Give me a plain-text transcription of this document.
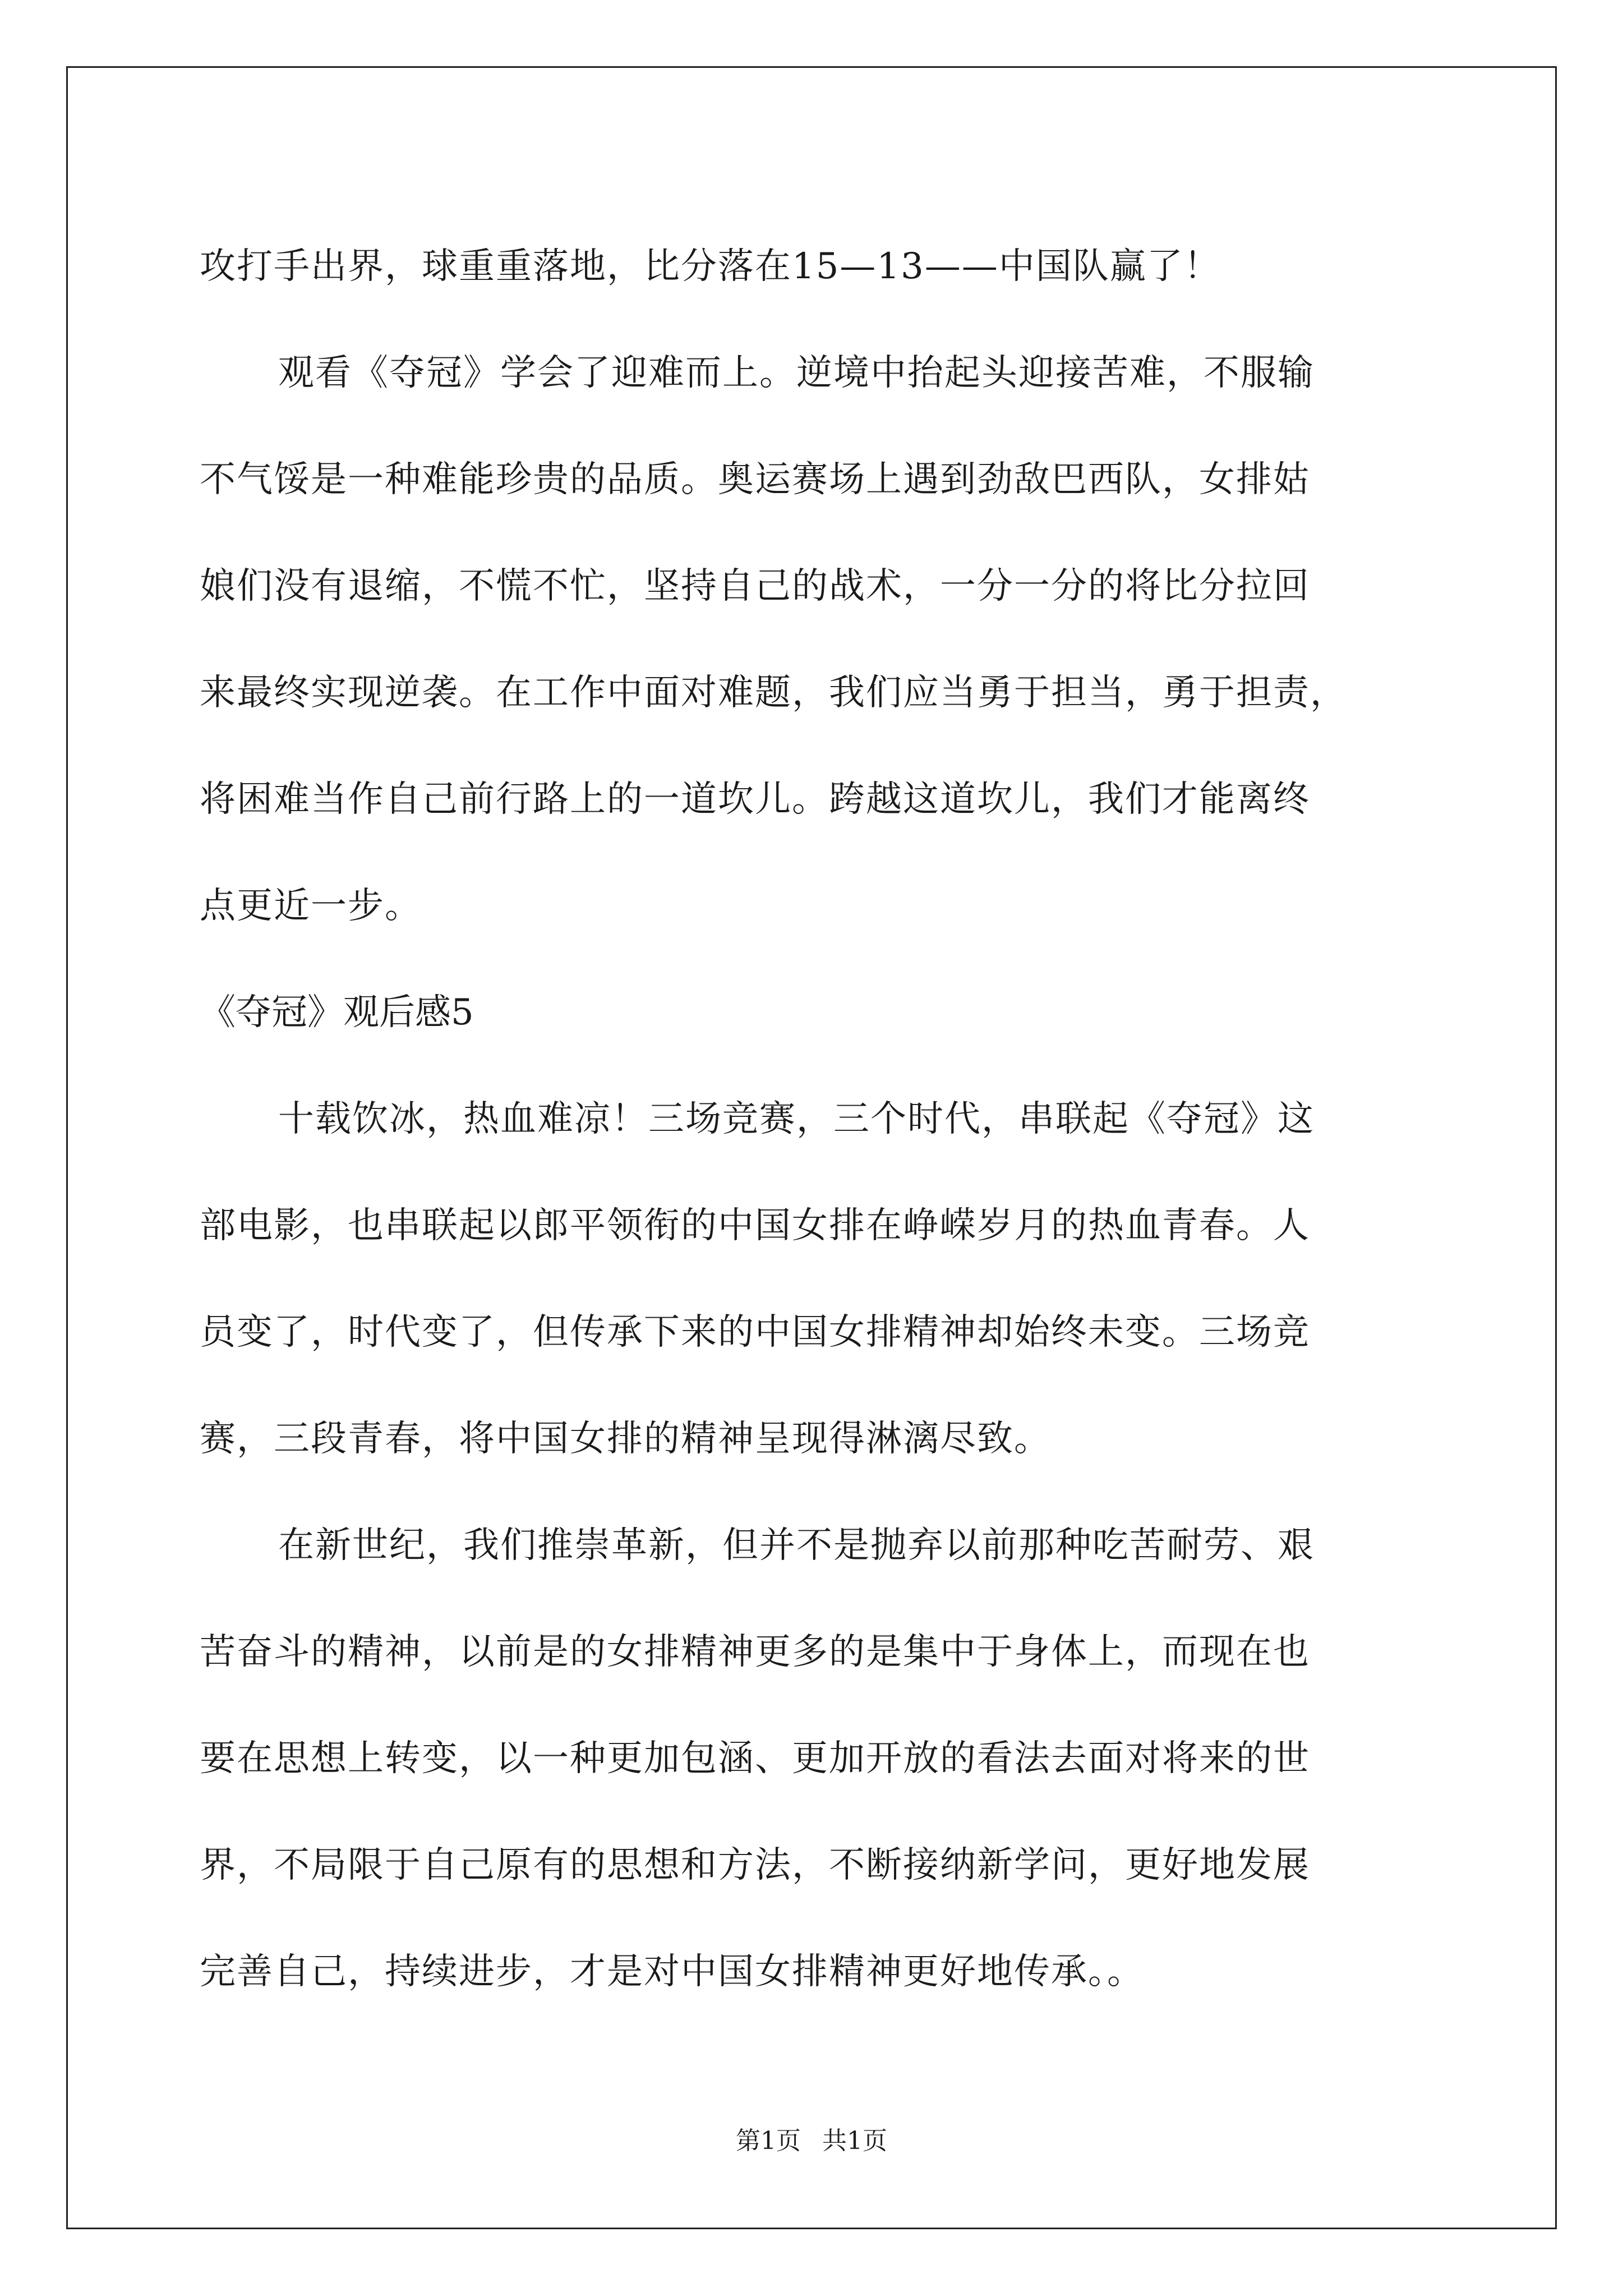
攻打手出界，球重重落地，比分落在15—13——中国队赢了！
观看《夺冠》学会了迎难而上。逆境中抬起头迎接苦难，不服输
不气馁是一种难能珍贵的品质。奥运赛场上遇到劲敌巴西队，女排姑
娘们没有退缩，不慌不忙，坚持自己的战术，一分一分的将比分拉回
来最终实现逆袭。在工作中面对难题，我们应当勇于担当，勇于担责，
将困难当作自己前行路上的一道坎儿。跨越这道坎儿，我们才能离终
点更近一步。
《夺冠》观后感5
十载饮冰，热血难凉！三场竞赛，三个时代，串联起《夺冠》这
部电影，也串联起以郎平领衔的中国女排在峥嵘岁月的热血青春。人
员变了，时代变了，但传承下来的中国女排精神却始终未变。三场竞
赛，三段青春，将中国女排的精神呈现得淋漓尽致。
在新世纪，我们推崇革新，但并不是抛弃以前那种吃苦耐劳、艰
苦奋斗的精神，以前是的女排精神更多的是集中于身体上，而现在也
要在思想上转变，以一种更加包涵、更加开放的看法去面对将来的世
界，不局限于自己原有的思想和方法，不断接纳新学问，更好地发展
完善自己，持续进步，才是对中国女排精神更好地传承。。
第1页 共1页
